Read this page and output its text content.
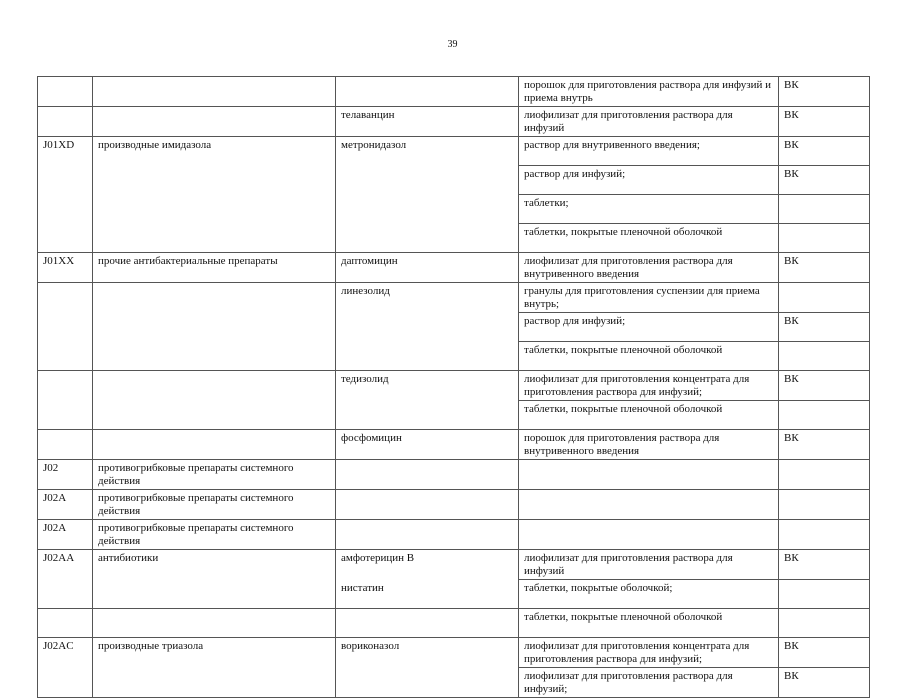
39
			порошок для приготовления раствора для инфузий и приема внутрь	ВК
		телаванцин	лиофилизат для приготовления раствора для инфузий	ВК
J01XD	производные имидазола	метронидазол	раствор для внутривенного введения;	ВК
			раствор для инфузий;	ВК
			таблетки;	
			таблетки, покрытые пленочной оболочкой	
J01XX	прочие антибактериальные препараты	даптомицин	лиофилизат для приготовления раствора для внутривенного введения	ВК
		линезолид	гранулы для приготовления суспензии для приема внутрь;	
			раствор для инфузий;	ВК
			таблетки, покрытые пленочной оболочкой	
		тедизолид	лиофилизат для приготовления концентрата для приготовления раствора для инфузий;	ВК
			таблетки, покрытые пленочной оболочкой	
		фосфомицин	порошок для приготовления раствора для внутривенного введения	ВК
J02	противогрибковые препараты системного действия			
J02A	противогрибковые препараты системного действия			
J02A	противогрибковые препараты системного действия			
J02AA	антибиотики	амфотерицин В	лиофилизат для приготовления раствора для инфузий	ВК
		нистатин	таблетки, покрытые оболочкой;	
			таблетки, покрытые пленочной оболочкой	
J02AC	производные триазола	вориконазол	лиофилизат для приготовления концентрата для приготовления раствора для инфузий;	ВК
			лиофилизат для приготовления раствора для инфузий;	ВК
